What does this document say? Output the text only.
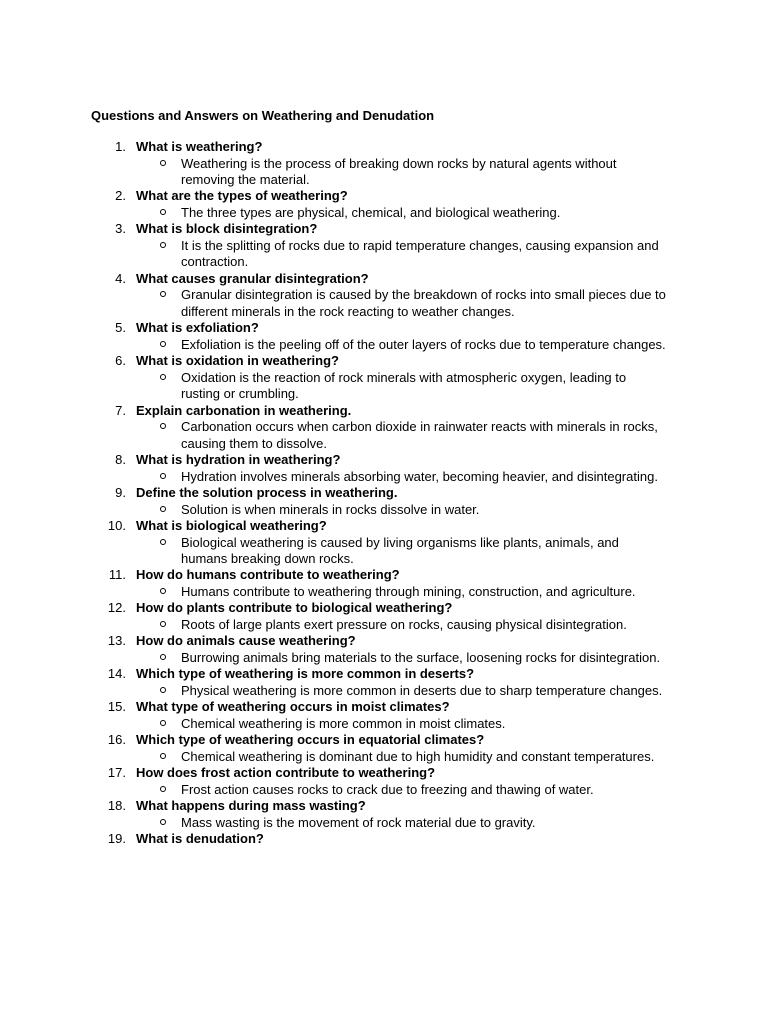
Questions and Answers on Weathering and Denudation
1. What is weathering?
Weathering is the process of breaking down rocks by natural agents without removing the material.
2. What are the types of weathering?
The three types are physical, chemical, and biological weathering.
3. What is block disintegration?
It is the splitting of rocks due to rapid temperature changes, causing expansion and contraction.
4. What causes granular disintegration?
Granular disintegration is caused by the breakdown of rocks into small pieces due to different minerals in the rock reacting to weather changes.
5. What is exfoliation?
Exfoliation is the peeling off of the outer layers of rocks due to temperature changes.
6. What is oxidation in weathering?
Oxidation is the reaction of rock minerals with atmospheric oxygen, leading to rusting or crumbling.
7. Explain carbonation in weathering.
Carbonation occurs when carbon dioxide in rainwater reacts with minerals in rocks, causing them to dissolve.
8. What is hydration in weathering?
Hydration involves minerals absorbing water, becoming heavier, and disintegrating.
9. Define the solution process in weathering.
Solution is when minerals in rocks dissolve in water.
10. What is biological weathering?
Biological weathering is caused by living organisms like plants, animals, and humans breaking down rocks.
11. How do humans contribute to weathering?
Humans contribute to weathering through mining, construction, and agriculture.
12. How do plants contribute to biological weathering?
Roots of large plants exert pressure on rocks, causing physical disintegration.
13. How do animals cause weathering?
Burrowing animals bring materials to the surface, loosening rocks for disintegration.
14. Which type of weathering is more common in deserts?
Physical weathering is more common in deserts due to sharp temperature changes.
15. What type of weathering occurs in moist climates?
Chemical weathering is more common in moist climates.
16. Which type of weathering occurs in equatorial climates?
Chemical weathering is dominant due to high humidity and constant temperatures.
17. How does frost action contribute to weathering?
Frost action causes rocks to crack due to freezing and thawing of water.
18. What happens during mass wasting?
Mass wasting is the movement of rock material due to gravity.
19. What is denudation?
